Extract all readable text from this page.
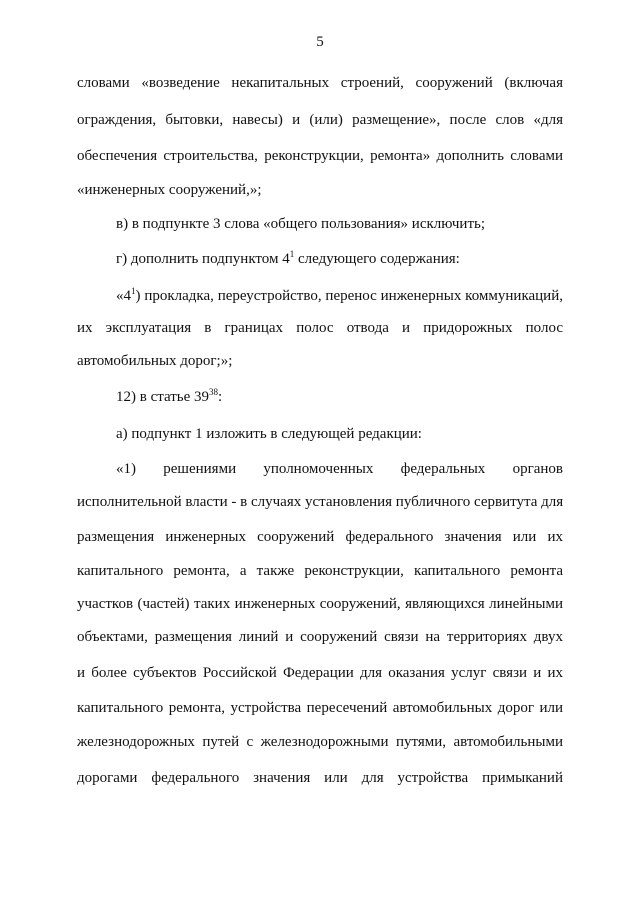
5
словами «возведение некапитальных строений, сооружений (включая
ограждения, бытовки, навесы) и (или) размещение», после слов «для
обеспечения строительства, реконструкции, ремонта» дополнить словами
«инженерных сооружений,»;
в) в подпункте 3 слова «общего пользования» исключить;
г) дополнить подпунктом $4^1$ следующего содержания:
«$4^1$) прокладка, переустройство, перенос инженерных коммуникаций,
их эксплуатация в границах полос отвода и придорожных полос
автомобильных дорог;»;
12) в статье $39^{38}$:
а) подпункт 1 изложить в следующей редакции:
«1) решениями уполномоченных федеральных органов
исполнительной власти - в случаях установления публичного сервитута для
размещения инженерных сооружений федерального значения или их
капитального ремонта, а также реконструкции, капитального ремонта
участков (частей) таких инженерных сооружений, являющихся линейными
объектами, размещения линий и сооружений связи на территориях двух
и более субъектов Российской Федерации для оказания услуг связи и их
капитального ремонта, устройства пересечений автомобильных дорог или
железнодорожных путей с железнодорожными путями, автомобильными
дорогами федерального значения или для устройства примыканий
